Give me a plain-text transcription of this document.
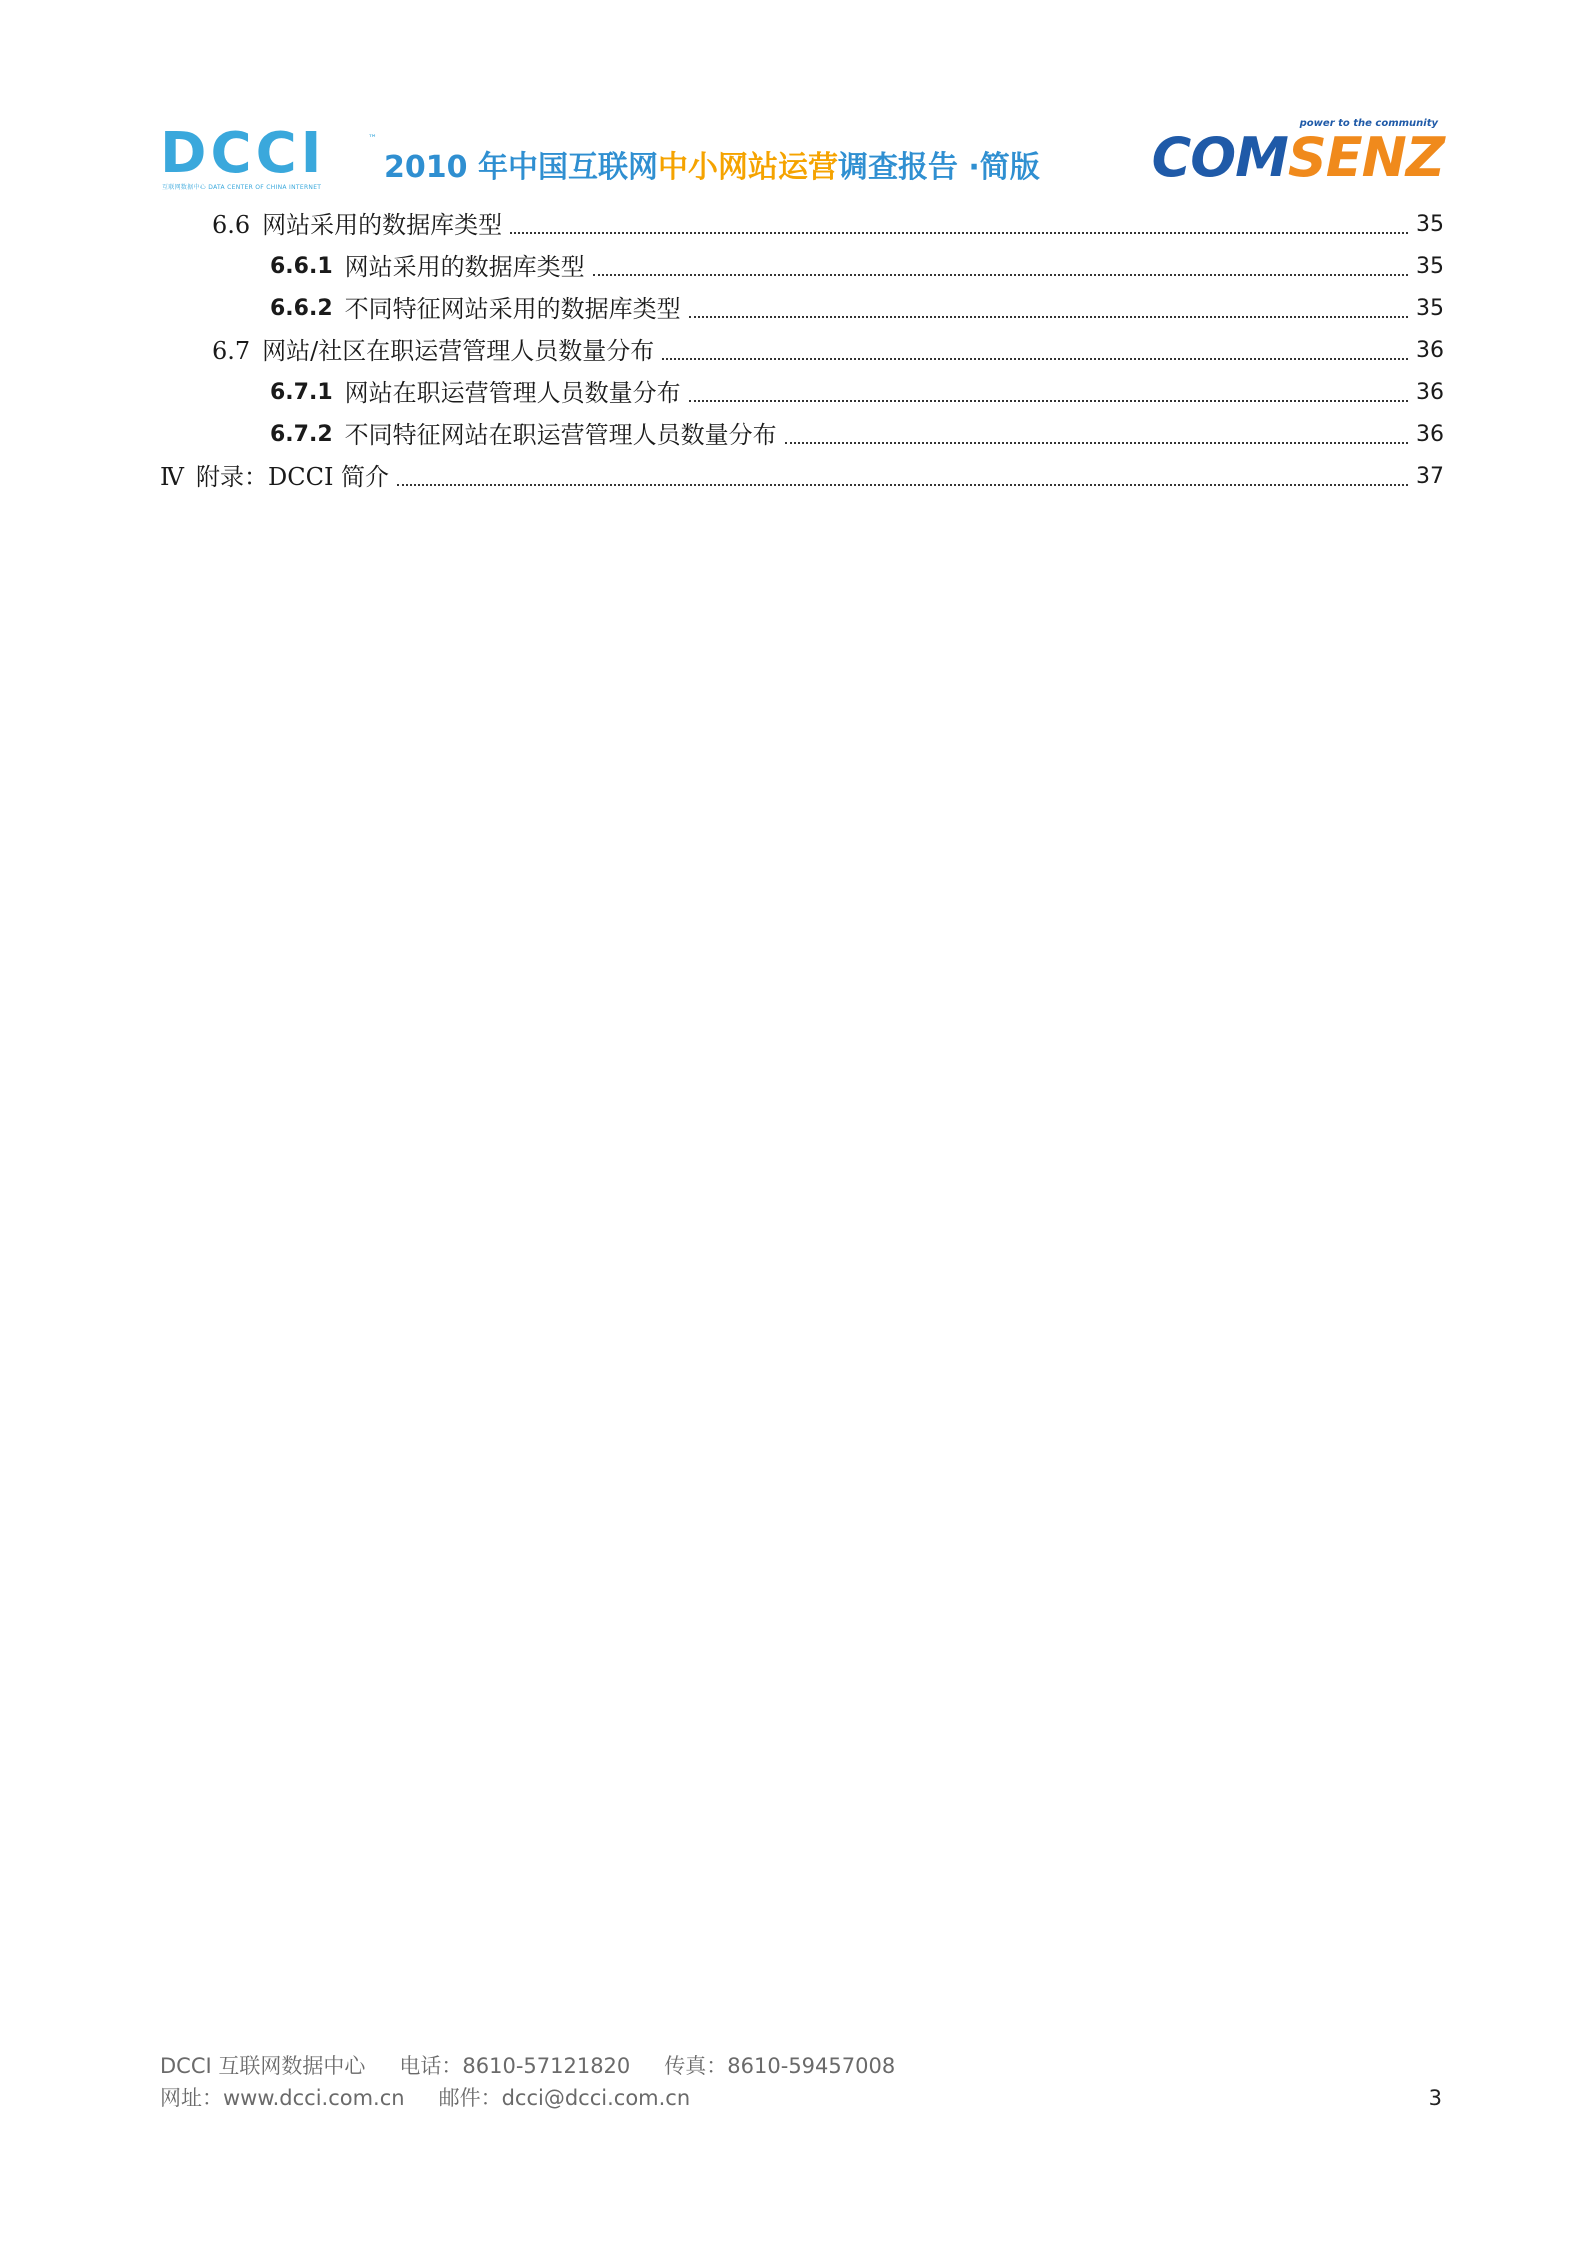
DCCI	™
互联网数据中心 DATA CENTER OF CHINA INTERNET
2010 年中国互联网中小网站运营调查报告 ·简版
power to the community
COMSENZ
6.6 网站采用的数据库类型	35
6.6.1 网站采用的数据库类型	35
6.6.2 不同特征网站采用的数据库类型	35
6.7 网站/社区在职运营管理人员数量分布	36
6.7.1 网站在职运营管理人员数量分布	36
6.7.2 不同特征网站在职运营管理人员数量分布	36
Ⅳ 附录：DCCI 简介	37
DCCI 互联网数据中心 电话：8610-57121820 传真：8610-59457008
网址：www.dcci.com.cn 邮件：dcci@dcci.com.cn	3
